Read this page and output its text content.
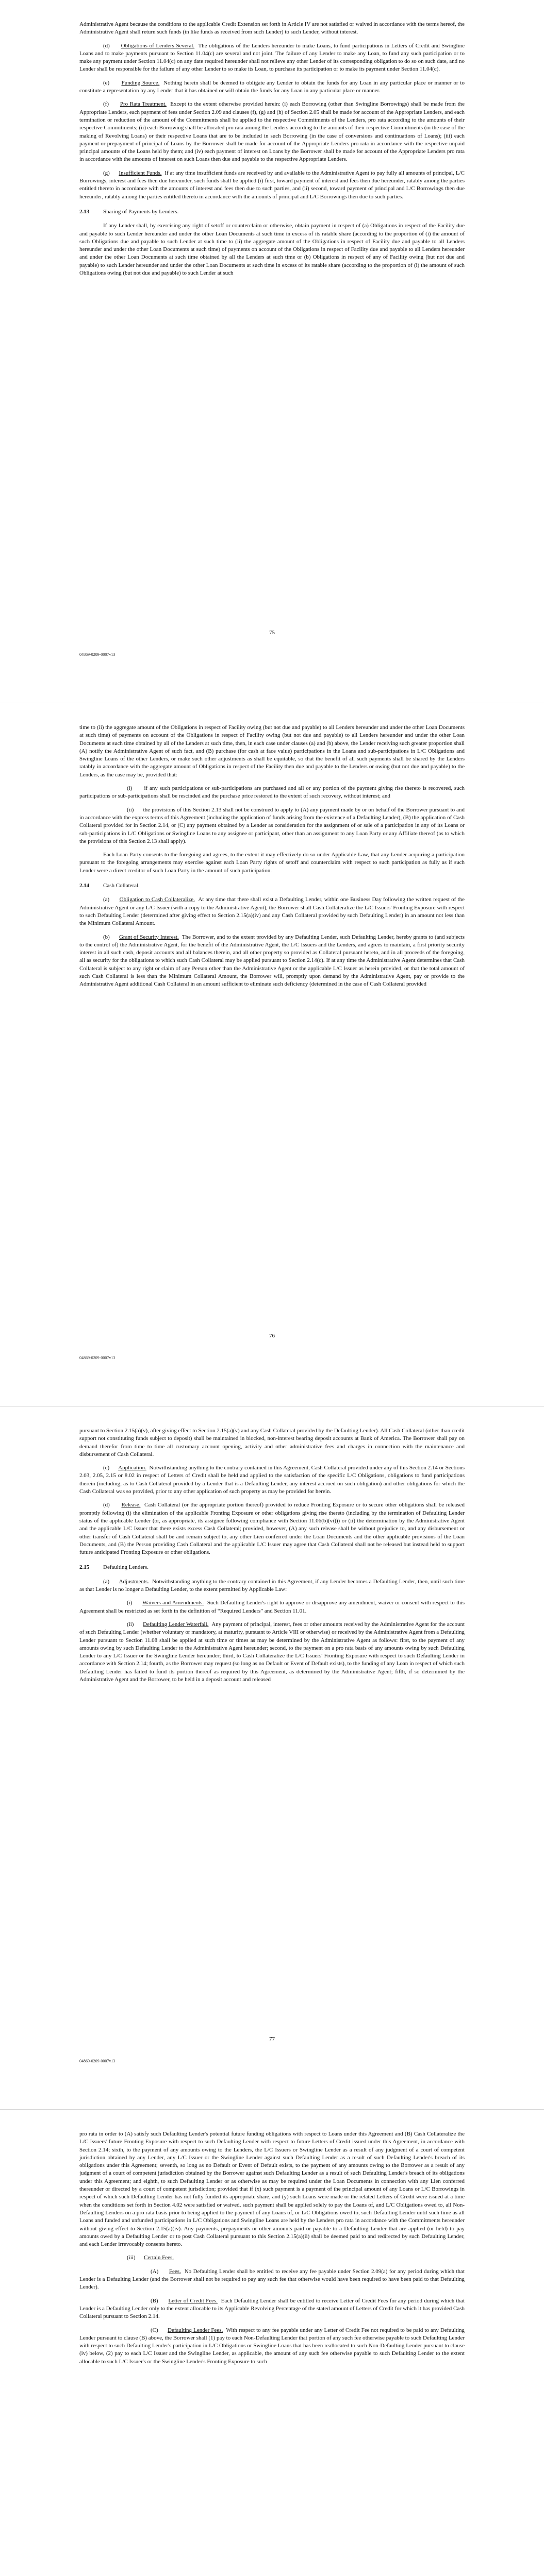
Administrative Agent because the conditions to the applicable Credit Extension set forth in Article IV are not satisfied or waived in accordance with the terms hereof, the Administrative Agent shall return such funds (in like funds as received from such Lender) to such Lender, without interest.

(d) Obligations of Lenders Several. The obligations of the Lenders hereunder to make Loans, to fund participations in Letters of Credit and Swingline Loans and to make payments pursuant to Section 11.04(c) are several and not joint. The failure of any Lender to make any Loan, to fund any such participation or to make any payment under Section 11.04(c) on any date required hereunder shall not relieve any other Lender of its corresponding obligation to do so on such date, and no Lender shall be responsible for the failure of any other Lender to so make its Loan, to purchase its participation or to make its payment under Section 11.04(c).

(e) Funding Source. Nothing herein shall be deemed to obligate any Lender to obtain the funds for any Loan in any particular place or manner or to constitute a representation by any Lender that it has obtained or will obtain the funds for any Loan in any particular place or manner.

(f) Pro Rata Treatment. Except to the extent otherwise provided herein: (i) each Borrowing (other than Swingline Borrowings) shall be made from the Appropriate Lenders, each payment of fees under Section 2.09 and clauses (f), (g) and (h) of Section 2.05 shall be made for account of the Appropriate Lenders, and each termination or reduction of the amount of the Commitments shall be applied to the respective Commitments of the Lenders, pro rata according to the amounts of their respective Commitments; (ii) each Borrowing shall be allocated pro rata among the Lenders according to the amounts of their respective Commitments (in the case of the making of Revolving Loans) or their respective Loans that are to be included in such Borrowing (in the case of conversions and continuations of Loans); (iii) each payment or prepayment of principal of Loans by the Borrower shall be made for account of the Appropriate Lenders pro rata in accordance with the respective unpaid principal amounts of the Loans held by them; and (iv) each payment of interest on Loans by the Borrower shall be made for account of the Appropriate Lenders pro rata in accordance with the amounts of interest on such Loans then due and payable to the respective Appropriate Lenders.

(g) Insufficient Funds. If at any time insufficient funds are received by and available to the Administrative Agent to pay fully all amounts of principal, L/C Borrowings, interest and fees then due hereunder, such funds shall be applied (i) first, toward payment of interest and fees then due hereunder, ratably among the parties entitled thereto in accordance with the amounts of interest and fees then due to such parties, and (ii) second, toward payment of principal and L/C Borrowings then due hereunder, ratably among the parties entitled thereto in accordance with the amounts of principal and L/C Borrowings then due to such parties.

2.13 Sharing of Payments by Lenders.

If any Lender shall, by exercising any right of setoff or counterclaim or otherwise, obtain payment in respect of (a) Obligations in respect of the Facility due and payable to such Lender hereunder and under the other Loan Documents at such time in excess of its ratable share (according to the proportion of (i) the amount of such Obligations due and payable to such Lender at such time to (ii) the aggregate amount of the Obligations in respect of Facility due and payable to all Lenders hereunder and under the other Loan Documents at such time) of payments on account of the Obligations in respect of Facility due and payable to all Lenders hereunder and under the other Loan Documents at such time obtained by all the Lenders at such time or (b) Obligations in respect of any of Facility owing (but not due and payable) to such Lender hereunder and under the other Loan Documents at such time in excess of its ratable share (according to the proportion of (i) the amount of such Obligations owing (but not due and payable) to such Lender at such

75
04869-0209-0007v13

time to (ii) the aggregate amount of the Obligations in respect of Facility owing (but not due and payable) to all Lenders hereunder and under the other Loan Documents at such time) of payments on account of the Obligations in respect of Facility owing (but not due and payable) to all Lenders hereunder and under the other Loan Documents at such time obtained by all of the Lenders at such time, then, in each case under clauses (a) and (b) above, the Lender receiving such greater proportion shall (A) notify the Administrative Agent of such fact, and (B) purchase (for cash at face value) participations in the Loans and sub-participations in L/C Obligations and Swingline Loans of the other Lenders, or make such other adjustments as shall be equitable, so that the benefit of all such payments shall be shared by the Lenders ratably in accordance with the aggregate amount of Obligations in respect of the Facility then due and payable to the Lenders or owing (but not due and payable) to the Lenders, as the case may be, provided that:

(i) if any such participations or sub-participations are purchased and all or any portion of the payment giving rise thereto is recovered, such participations or sub-participations shall be rescinded and the purchase price restored to the extent of such recovery, without interest; and

(ii) the provisions of this Section 2.13 shall not be construed to apply to (A) any payment made by or on behalf of the Borrower pursuant to and in accordance with the express terms of this Agreement (including the application of funds arising from the existence of a Defaulting Lender), (B) the application of Cash Collateral provided for in Section 2.14, or (C) any payment obtained by a Lender as consideration for the assignment of or sale of a participation in any of its Loans or sub-participations in L/C Obligations or Swingline Loans to any assignee or participant, other than an assignment to any Loan Party or any Affiliate thereof (as to which the provisions of this Section 2.13 shall apply).

Each Loan Party consents to the foregoing and agrees, to the extent it may effectively do so under Applicable Law, that any Lender acquiring a participation pursuant to the foregoing arrangements may exercise against each Loan Party rights of setoff and counterclaim with respect to such participation as fully as if such Lender were a direct creditor of such Loan Party in the amount of such participation.

2.14 Cash Collateral.

(a) Obligation to Cash Collateralize. At any time that there shall exist a Defaulting Lender, within one Business Day following the written request of the Administrative Agent or any L/C Issuer (with a copy to the Administrative Agent), the Borrower shall Cash Collateralize the L/C Issuers' Fronting Exposure with respect to such Defaulting Lender (determined after giving effect to Section 2.15(a)(iv) and any Cash Collateral provided by such Defaulting Lender) in an amount not less than the Minimum Collateral Amount.

(b) Grant of Security Interest. The Borrower, and to the extent provided by any Defaulting Lender, such Defaulting Lender, hereby grants to (and subjects to the control of) the Administrative Agent, for the benefit of the Administrative Agent, the L/C Issuers and the Lenders, and agrees to maintain, a first priority security interest in all such cash, deposit accounts and all balances therein, and all other property so provided as Collateral pursuant hereto, and in all proceeds of the foregoing, all as security for the obligations to which such Cash Collateral may be applied pursuant to Section 2.14(c). If at any time the Administrative Agent determines that Cash Collateral is subject to any right or claim of any Person other than the Administrative Agent or the applicable L/C Issuer as herein provided, or that the total amount of such Cash Collateral is less than the Minimum Collateral Amount, the Borrower will, promptly upon demand by the Administrative Agent, pay or provide to the Administrative Agent additional Cash Collateral in an amount sufficient to eliminate such deficiency (determined in the case of Cash Collateral provided

76
04869-0209-0007v13

pursuant to Section 2.15(a)(v), after giving effect to Section 2.15(a)(v) and any Cash Collateral provided by the Defaulting Lender). All Cash Collateral (other than credit support not constituting funds subject to deposit) shall be maintained in blocked, non-interest bearing deposit accounts at Bank of America. The Borrower shall pay on demand therefor from time to time all customary account opening, activity and other administrative fees and charges in connection with the maintenance and disbursement of Cash Collateral.

(c) Application. Notwithstanding anything to the contrary contained in this Agreement, Cash Collateral provided under any of this Section 2.14 or Sections 2.03, 2.05, 2.15 or 8.02 in respect of Letters of Credit shall be held and applied to the satisfaction of the specific L/C Obligations, obligations to fund participations therein (including, as to Cash Collateral provided by a Lender that is a Defaulting Lender, any interest accrued on such obligation) and other obligations for which the Cash Collateral was so provided, prior to any other application of such property as may be provided for herein.

(d) Release. Cash Collateral (or the appropriate portion thereof) provided to reduce Fronting Exposure or to secure other obligations shall be released promptly following (i) the elimination of the applicable Fronting Exposure or other obligations giving rise thereto (including by the termination of Defaulting Lender status of the applicable Lender (or, as appropriate, its assignee following compliance with Section 11.06(b)(vi))) or (ii) the determination by the Administrative Agent and the applicable L/C Issuer that there exists excess Cash Collateral; provided, however, (A) any such release shall be without prejudice to, and any disbursement or other transfer of Cash Collateral shall be and remain subject to, any other Lien conferred under the Loan Documents and the other applicable provisions of the Loan Documents, and (B) the Person providing Cash Collateral and the applicable L/C Issuer may agree that Cash Collateral shall not be released but instead held to support future anticipated Fronting Exposure or other obligations.

2.15 Defaulting Lenders.

(a) Adjustments. Notwithstanding anything to the contrary contained in this Agreement, if any Lender becomes a Defaulting Lender, then, until such time as that Lender is no longer a Defaulting Lender, to the extent permitted by Applicable Law:

(i) Waivers and Amendments. Such Defaulting Lender's right to approve or disapprove any amendment, waiver or consent with respect to this Agreement shall be restricted as set forth in the definition of “Required Lenders” and Section 11.01.

(ii) Defaulting Lender Waterfall. Any payment of principal, interest, fees or other amounts received by the Administrative Agent for the account of such Defaulting Lender (whether voluntary or mandatory, at maturity, pursuant to Article VIII or otherwise) or received by the Administrative Agent from a Defaulting Lender pursuant to Section 11.08 shall be applied at such time or times as may be determined by the Administrative Agent as follows: first, to the payment of any amounts owing by such Defaulting Lender to the Administrative Agent hereunder; second, to the payment on a pro rata basis of any amounts owing by such Defaulting Lender to any L/C Issuer or the Swingline Lender hereunder; third, to Cash Collateralize the L/C Issuers' Fronting Exposure with respect to such Defaulting Lender in accordance with Section 2.14; fourth, as the Borrower may request (so long as no Default or Event of Default exists), to the funding of any Loan in respect of which such Defaulting Lender has failed to fund its portion thereof as required by this Agreement, as determined by the Administrative Agent; fifth, if so determined by the Administrative Agent and the Borrower, to be held in a deposit account and released

77
04869-0209-0007v13

pro rata in order to (A) satisfy such Defaulting Lender's potential future funding obligations with respect to Loans under this Agreement and (B) Cash Collateralize the L/C Issuers' future Fronting Exposure with respect to such Defaulting Lender with respect to future Letters of Credit issued under this Agreement, in accordance with Section 2.14; sixth, to the payment of any amounts owing to the Lenders, the L/C Issuers or Swingline Lender as a result of any judgment of a court of competent jurisdiction obtained by any Lender, any L/C Issuer or the Swingline Lender against such Defaulting Lender as a result of such Defaulting Lender's breach of its obligations under this Agreement; seventh, so long as no Default or Event of Default exists, to the payment of any amounts owing to the Borrower as a result of any judgment of a court of competent jurisdiction obtained by the Borrower against such Defaulting Lender as a result of such Defaulting Lender's breach of its obligations under this Agreement; and eighth, to such Defaulting Lender or as otherwise as may be required under the Loan Documents in connection with any Lien conferred thereunder or directed by a court of competent jurisdiction; provided that if (x) such payment is a payment of the principal amount of any Loans or L/C Borrowings in respect of which such Defaulting Lender has not fully funded its appropriate share, and (y) such Loans were made or the related Letters of Credit were issued at a time when the conditions set forth in Section 4.02 were satisfied or waived, such payment shall be applied solely to pay the Loans of, and L/C Obligations owed to, all Non-Defaulting Lenders on a pro rata basis prior to being applied to the payment of any Loans of, or L/C Obligations owed to, such Defaulting Lender until such time as all Loans and funded and unfunded participations in L/C Obligations and Swingline Loans are held by the Lenders pro rata in accordance with the Commitments hereunder without giving effect to Section 2.15(a)(iv). Any payments, prepayments or other amounts paid or payable to a Defaulting Lender that are applied (or held) to pay amounts owed by a Defaulting Lender or to post Cash Collateral pursuant to this Section 2.15(a)(ii) shall be deemed paid to and redirected by such Defaulting Lender, and each Lender irrevocably consents hereto.

(iii) Certain Fees.

(A) Fees. No Defaulting Lender shall be entitled to receive any fee payable under Section 2.09(a) for any period during which that Lender is a Defaulting Lender (and the Borrower shall not be required to pay any such fee that otherwise would have been required to have been paid to that Defaulting Lender).

(B) Letter of Credit Fees. Each Defaulting Lender shall be entitled to receive Letter of Credit Fees for any period during which that Lender is a Defaulting Lender only to the extent allocable to its Applicable Revolving Percentage of the stated amount of Letters of Credit for which it has provided Cash Collateral pursuant to Section 2.14.

(C) Defaulting Lender Fees. With respect to any fee payable under any Letter of Credit Fee not required to be paid to any Defaulting Lender pursuant to clause (B) above, the Borrower shall (1) pay to each Non-Defaulting Lender that portion of any such fee otherwise payable to such Defaulting Lender with respect to such Defaulting Lender's participation in L/C Obligations or Swingline Loans that has been reallocated to such Non-Defaulting Lender pursuant to clause (iv) below, (2) pay to each L/C Issuer and the Swingline Lender, as applicable, the amount of any such fee otherwise payable to such Defaulting Lender to the extent allocable to such L/C Issuer's or the Swingline Lender's Fronting Exposure to such
